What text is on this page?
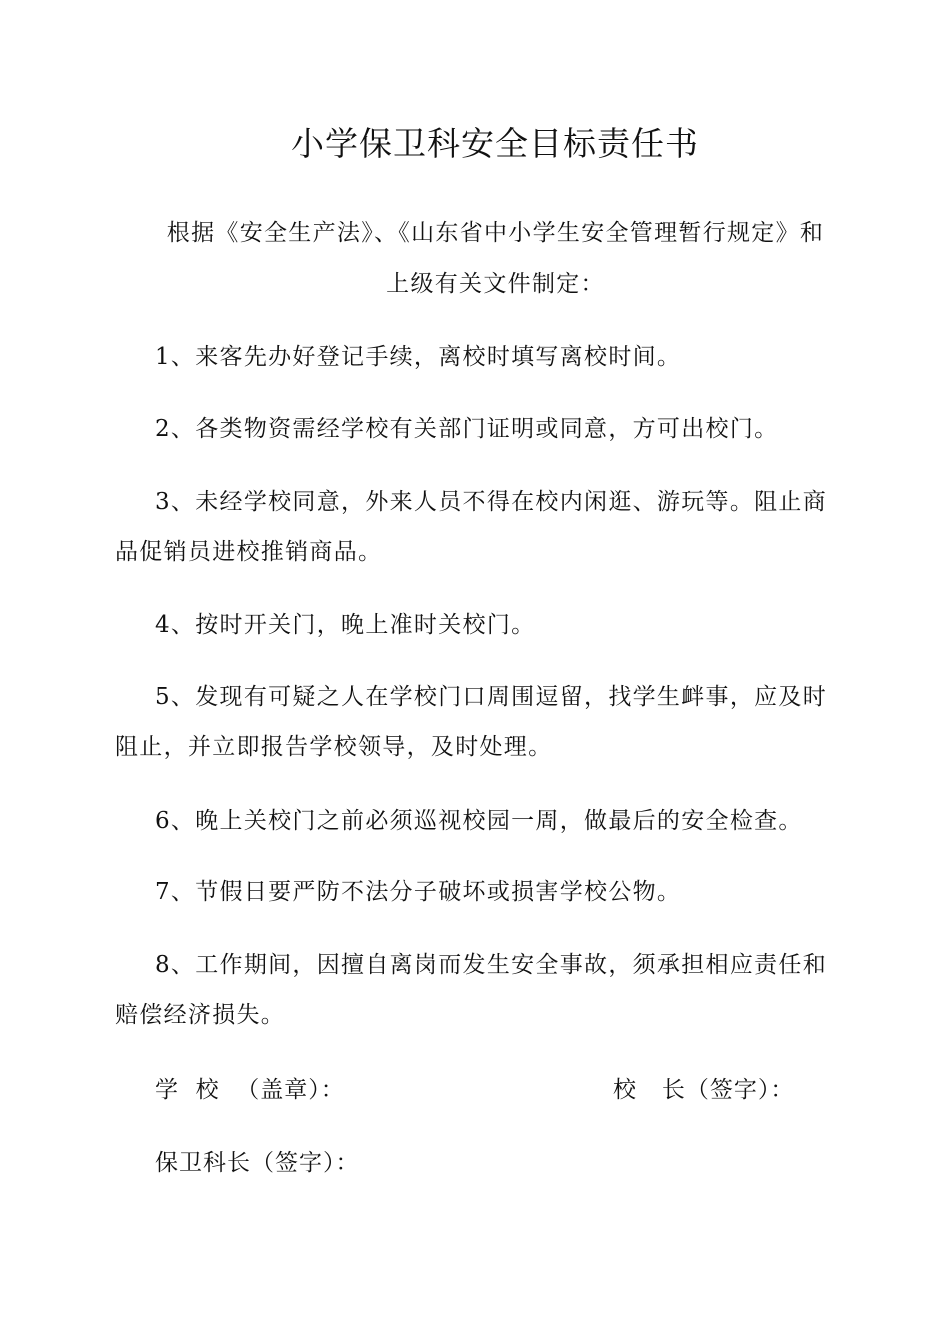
小学保卫科安全目标责任书
根据《安全生产法》、《山东省中小学生安全管理暂行规定》和
上级有关文件制定：
1、来客先办好登记手续，离校时填写离校时间。
2、各类物资需经学校有关部门证明或同意，方可出校门。
3、未经学校同意，外来人员不得在校内闲逛、游玩等。阻止商品促销员进校推销商品。
4、按时开关门，晚上准时关校门。
5、发现有可疑之人在学校门口周围逗留，找学生衅事，应及时阻止，并立即报告学校领导，及时处理。
6、晚上关校门之前必须巡视校园一周，做最后的安全检查。
7、节假日要严防不法分子破坏或损害学校公物。
8、工作期间，因擅自离岗而发生安全事故，须承担相应责任和赔偿经济损失。
学  校  （盖章）：	校   长（签字）：
保卫科长（签字）：
